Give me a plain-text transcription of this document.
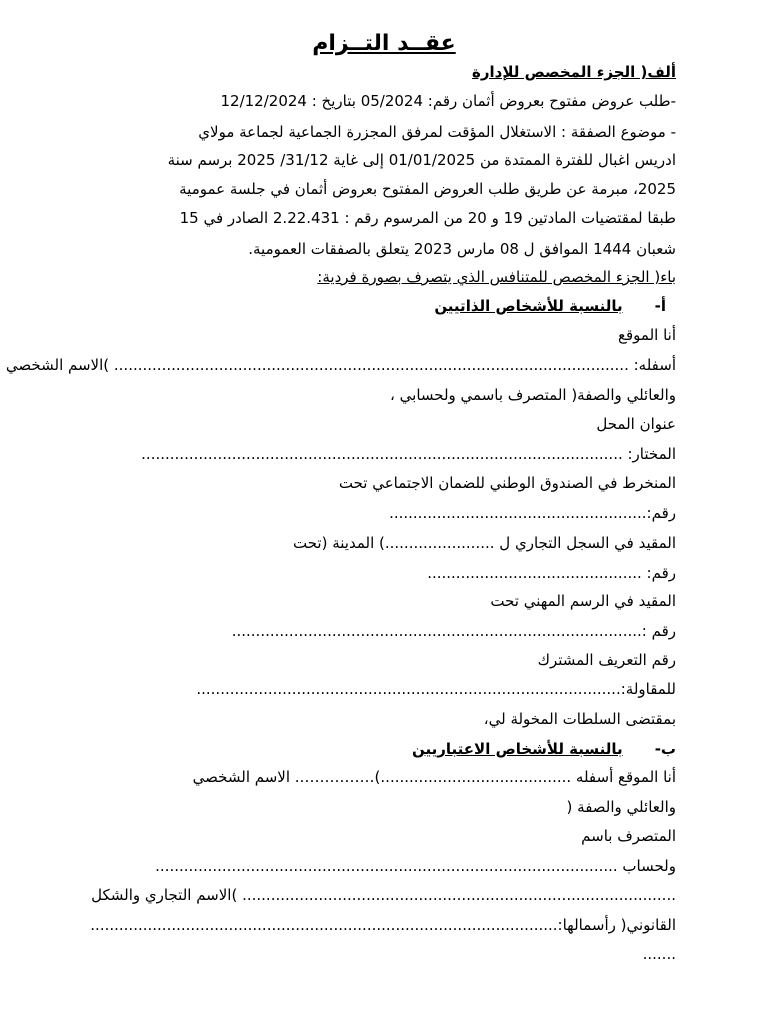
عقــد التــزام
ألف( الجزء المخصص للإدارة
-طلب عروض مفتوح بعروض أثمان رقم: 05/2024 بتاريخ : 12/12/2024
- موضوع الصفقة : الاستغلال المؤقت لمرفق المجزرة الجماعية لجماعة مولاي
ادريس اغبال للفترة الممتدة من 01/01/2025 إلى غاية 31/12/ 2025 برسم سنة
2025، مبرمة عن طريق طلب العروض المفتوح بعروض أثمان في جلسة عمومية
طبقا لمقتضيات المادتين 19 و 20 من المرسوم رقم : 2.22.431 الصادر في 15
شعبان 1444 الموافق ل 08 مارس 2023 يتعلق بالصفقات العمومية.
باء( الجزء المخصص للمتنافس الذي يتصرف بصورة فردية:
أ-بالنسبة للأشخاص الذاتيين
أنا الموقع
أسفله: ............................................................................................................ )الاسم الشخصي
والعائلي والصفة( المتصرف باسمي ولحسابي ،
عنوان المحل
المختار: .....................................................................................................
المنخرط في الصندوق الوطني للضمان الاجتماعي تحت
رقم:......................................................
المقيد في السجل التجاري ل .......................) المدينة (تحت
رقم: .............................................
المقيد في الرسم المهني تحت
رقم :......................................................................................
رقم التعريف المشترك
للمقاولة:.........................................................................................
بمقتضى السلطات المخولة لي،
ب-بالنسبة للأشخاص الاعتباريين
أنا الموقع أسفله ........................................)……………. الاسم الشخصي
والعائلي والصفة (
المتصرف باسم
ولحساب .................................................................................................
........................................................................................... )الاسم التجاري والشكل
القانوني( رأسمالها:..................................................................................................
.......
